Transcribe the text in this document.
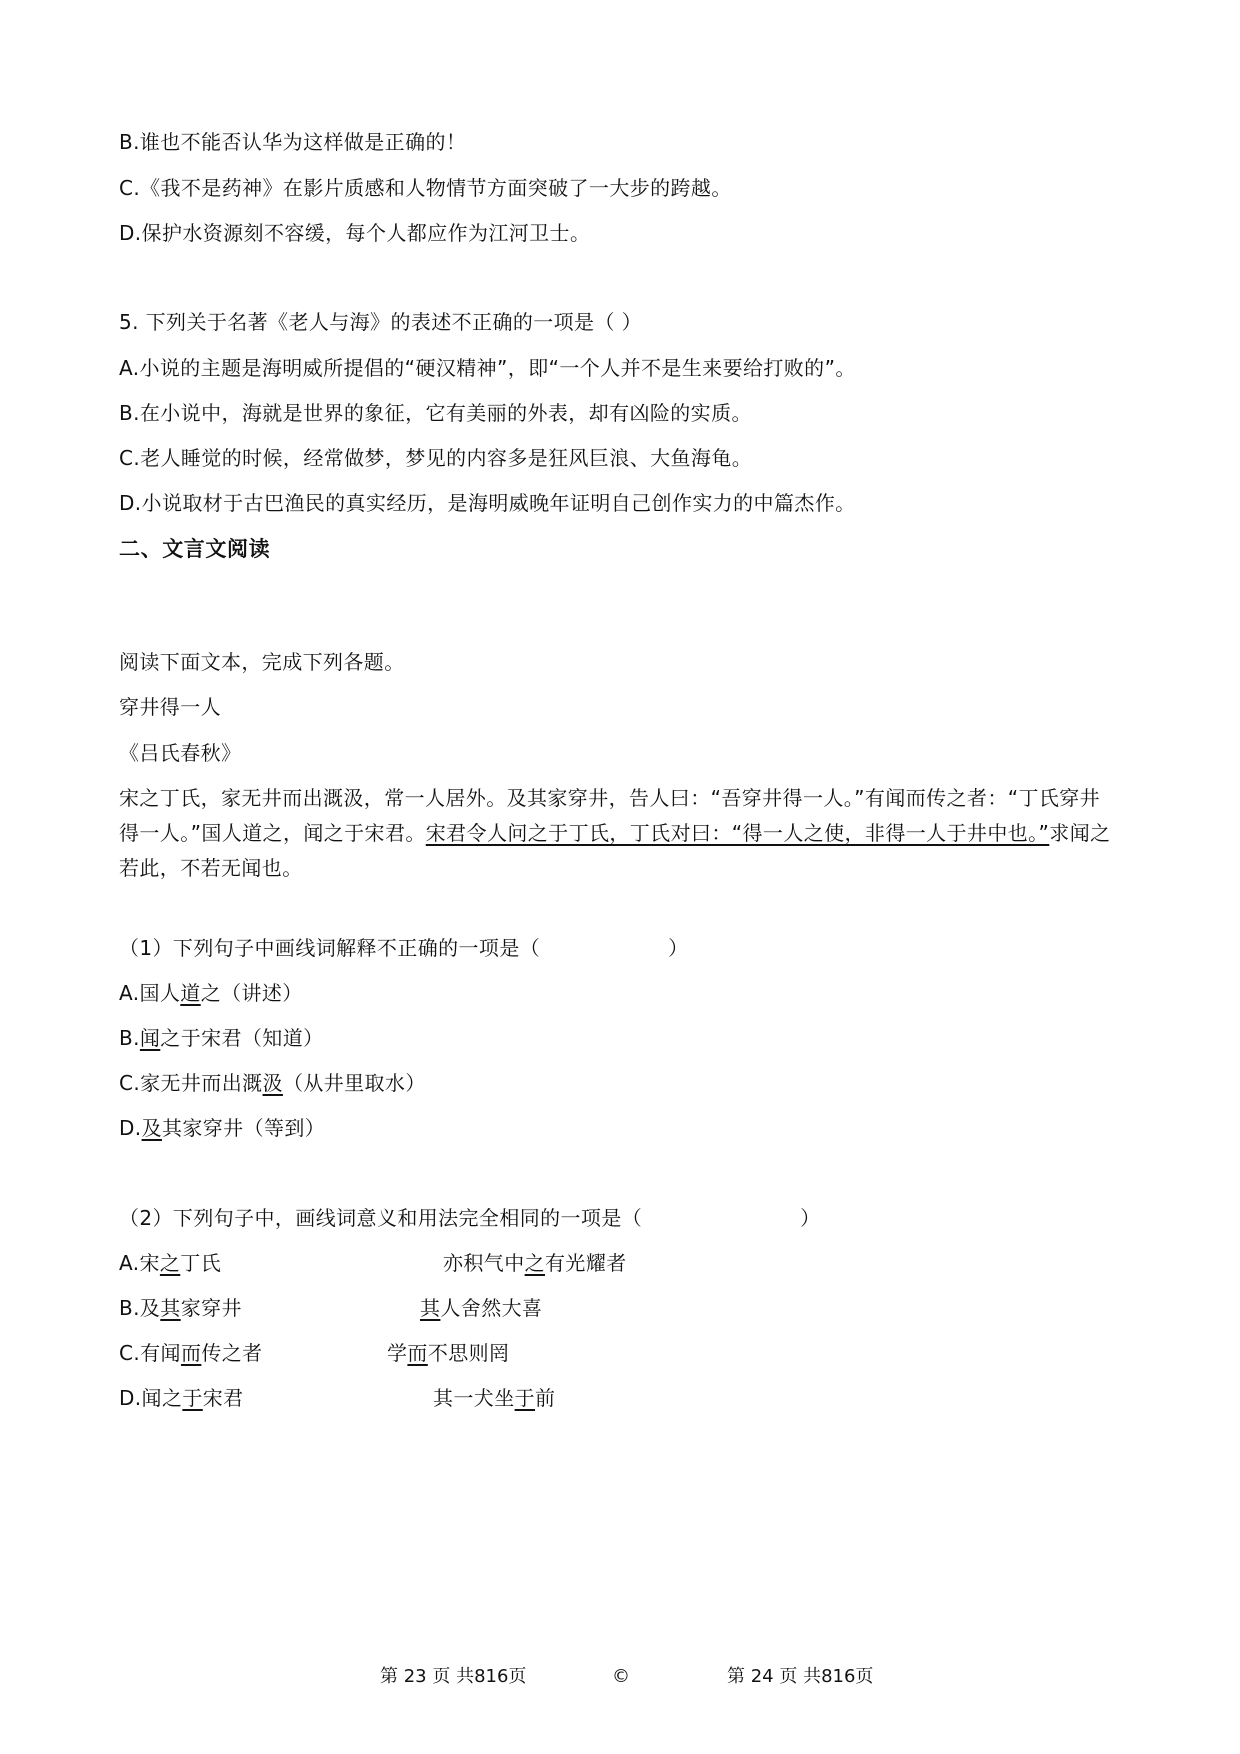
B.谁也不能否认华为这样做是正确的！
C.《我不是药神》在影片质感和人物情节方面突破了一大步的跨越。
D.保护水资源刻不容缓，每个人都应作为江河卫士。
5. 下列关于名著《老人与海》的表述不正确的一项是（ ）
A.小说的主题是海明威所提倡的“硬汉精神”，即“一个人并不是生来要给打败的”。
B.在小说中，海就是世界的象征，它有美丽的外表，却有凶险的实质。
C.老人睡觉的时候，经常做梦，梦见的内容多是狂风巨浪、大鱼海龟。
D.小说取材于古巴渔民的真实经历，是海明威晚年证明自己创作实力的中篇杰作。
二、文言文阅读
阅读下面文本，完成下列各题。
穿井得一人
《吕氏春秋》
宋之丁氏，家无井而出溉汲，常一人居外。及其家穿井，告人曰：“吾穿井得一人。”有闻而传之者：“丁氏穿井得一人。”国人道之，闻之于宋君。宋君令人问之于丁氏，丁氏对曰：“得一人之使，非得一人于井中也。”求闻之若此，不若无闻也。
（1）下列句子中画线词解释不正确的一项是（	）
A.国人道之（讲述）
B.闻之于宋君（知道）
C.家无井而出溉汲（从井里取水）
D.及其家穿井（等到）
（2）下列句子中，画线词意义和用法完全相同的一项是（	）
A.宋之丁氏	亦积气中之有光耀者
B.及其家穿井	其人舍然大喜
C.有闻而传之者	学而不思则罔
D.闻之于宋君	其一犬坐于前
第 23 页 共816页	©	第 24 页 共816页
